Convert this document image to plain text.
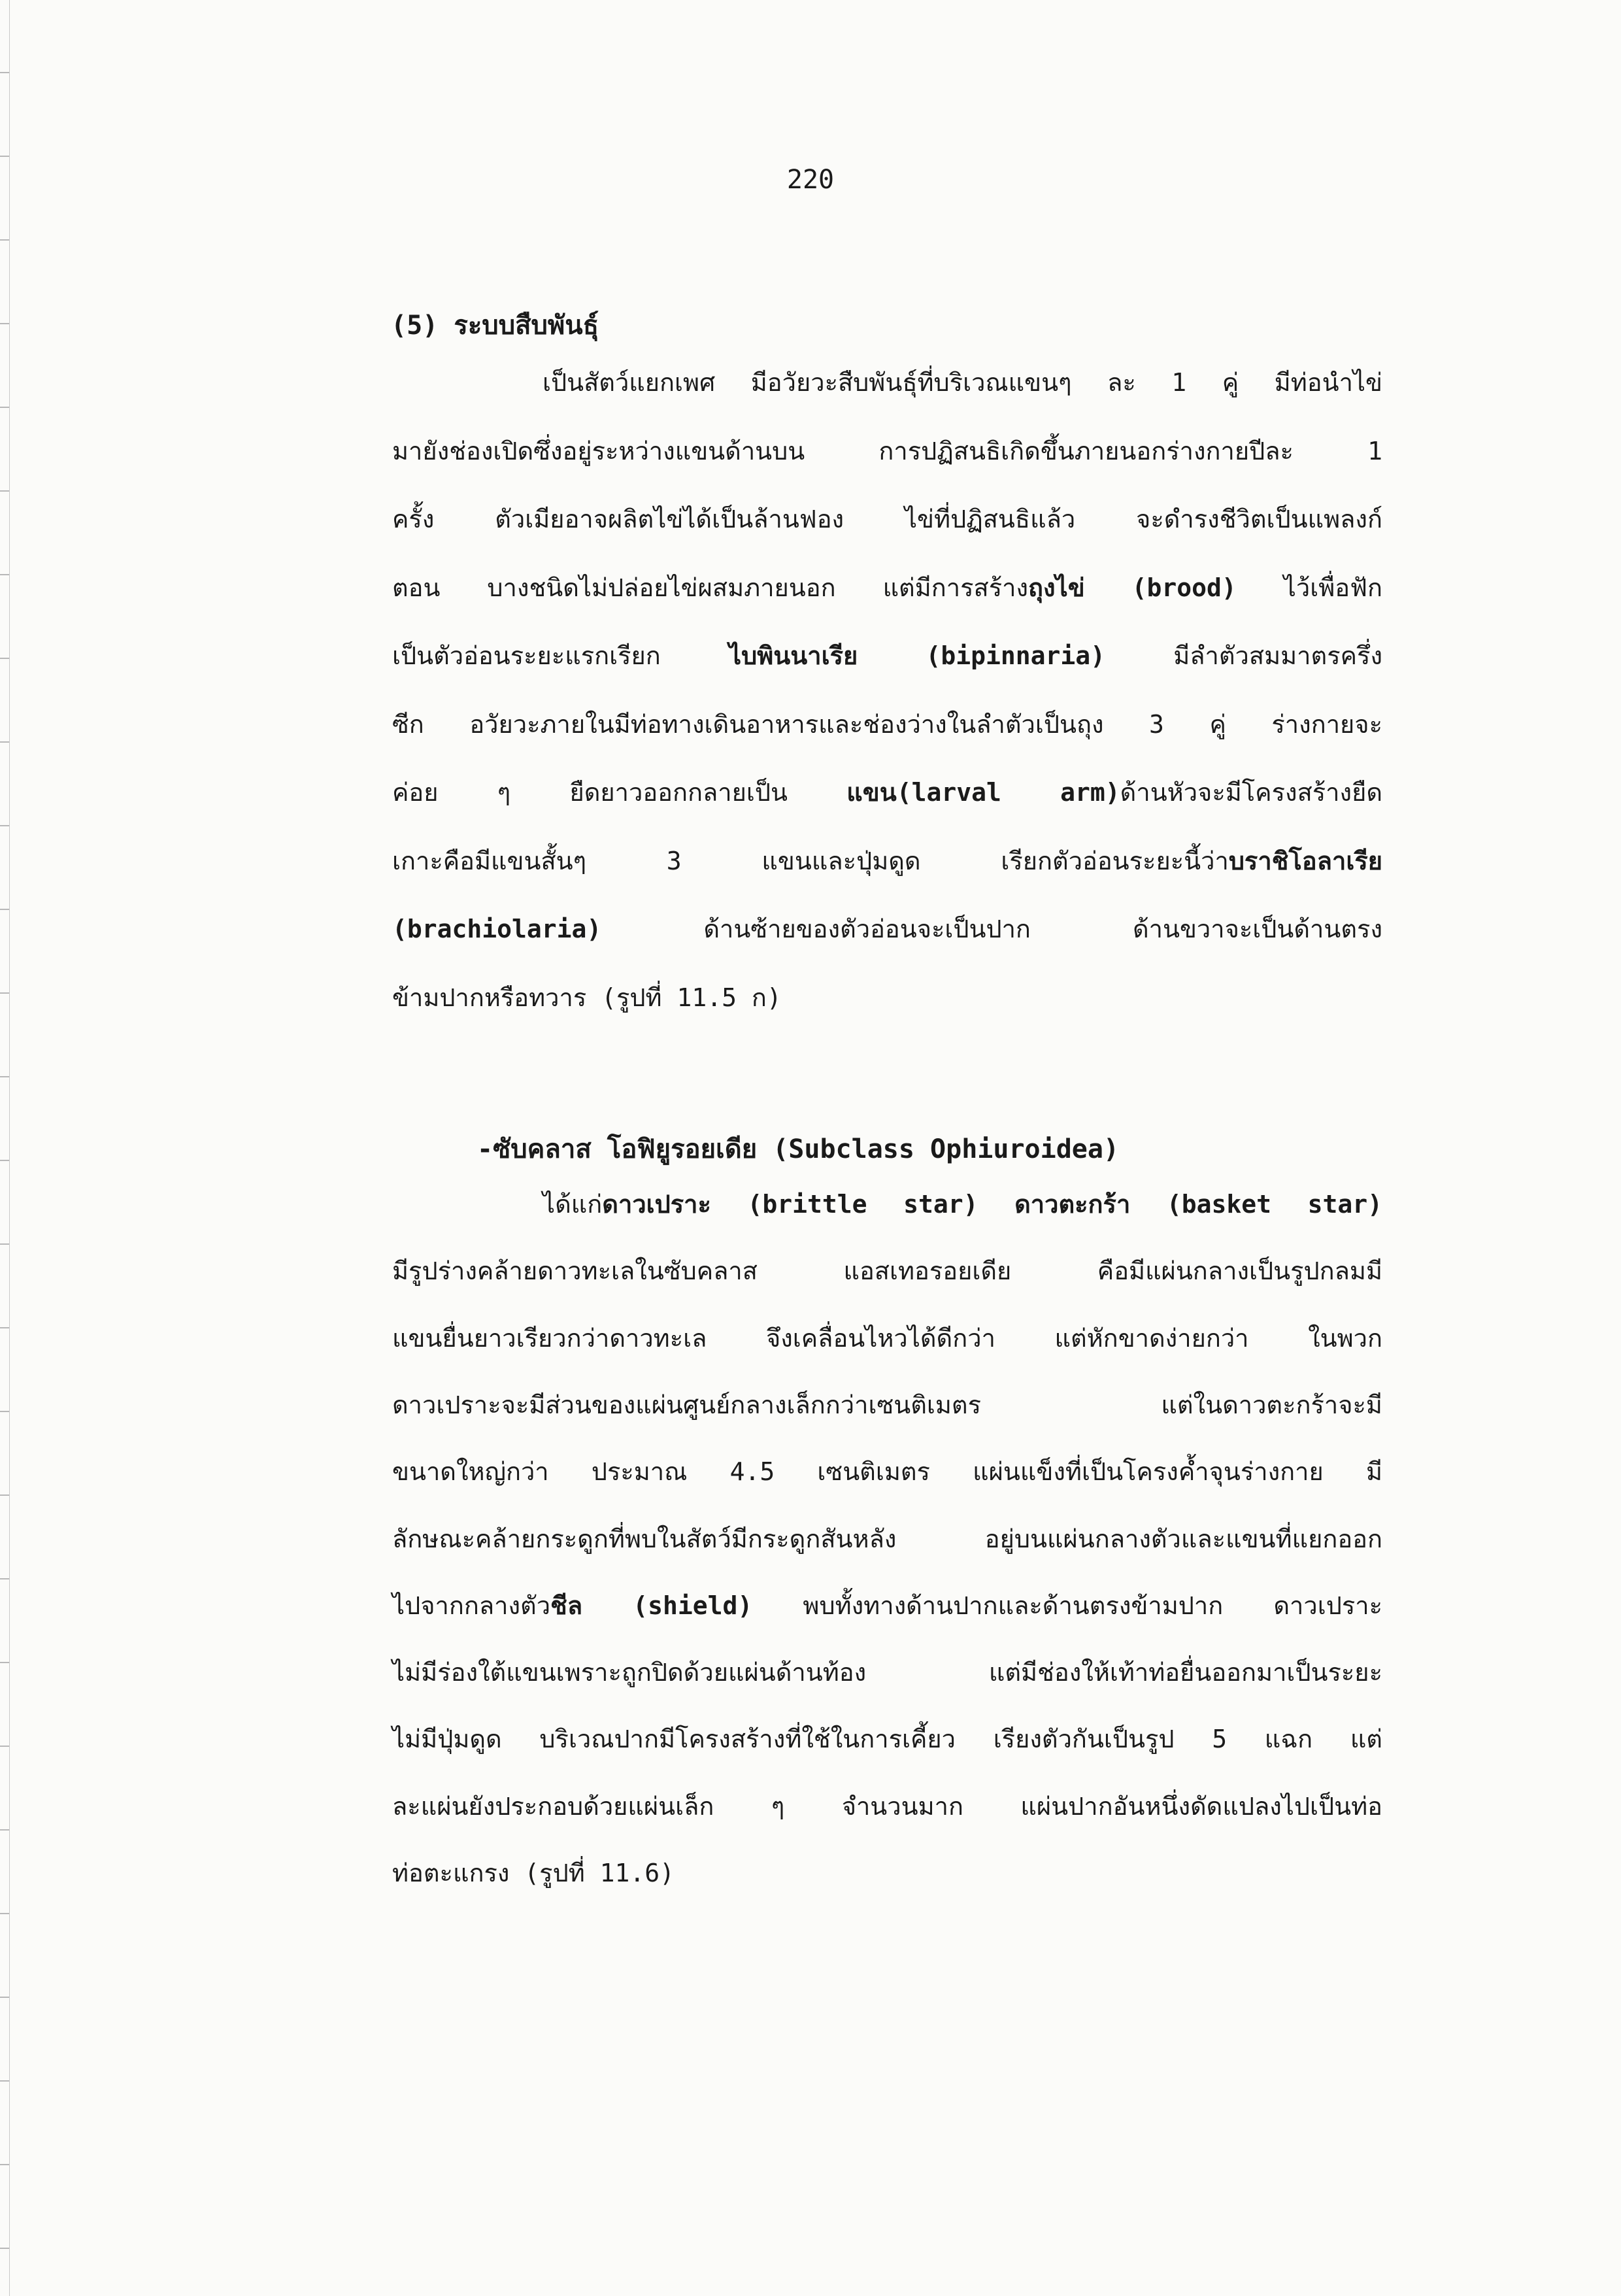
220
(5) ระบบสืบพันธุ์
เป็นสัตว์แยกเพศ มีอวัยวะสืบพันธุ์ที่บริเวณแขนๆ ละ 1 คู่ มีท่อนำไข่
มายังช่องเปิดซึ่งอยู่ระหว่างแขนด้านบน การปฏิสนธิเกิดขึ้นภายนอกร่างกายปีละ 1
ครั้ง ตัวเมียอาจผลิตไข่ได้เป็นล้านฟอง ไข่ที่ปฏิสนธิแล้ว จะดำรงชีวิตเป็นแพลงก์
ตอน บางชนิดไม่ปล่อยไข่ผสมภายนอก แต่มีการสร้างถุงไข่ (brood) ไว้เพื่อฟัก
เป็นตัวอ่อนระยะแรกเรียก ไบพินนาเรีย (bipinnaria) มีลำตัวสมมาตรครึ่ง
ซีก อวัยวะภายในมีท่อทางเดินอาหารและช่องว่างในลำตัวเป็นถุง 3 คู่ ร่างกายจะ
ค่อย ๆ ยืดยาวออกกลายเป็น แขน(larval arm)ด้านหัวจะมีโครงสร้างยืด
เกาะคือมีแขนสั้นๆ 3 แขนและปุ่มดูด เรียกตัวอ่อนระยะนี้ว่าบราชิโอลาเรีย
(brachiolaria) ด้านซ้ายของตัวอ่อนจะเป็นปาก ด้านขวาจะเป็นด้านตรง
ข้ามปากหรือทวาร (รูปที่ 11.5 ก)
-ซับคลาส โอฟิยูรอยเดีย (Subclass Ophiuroidea)
ได้แก่ดาวเปราะ (brittle star) ดาวตะกร้า (basket star)
มีรูปร่างคล้ายดาวทะเลในซับคลาส แอสเทอรอยเดีย คือมีแผ่นกลางเป็นรูปกลมมี
แขนยื่นยาวเรียวกว่าดาวทะเล จึงเคลื่อนไหวได้ดีกว่า แต่หักขาดง่ายกว่า ในพวก
ดาวเปราะจะมีส่วนของแผ่นศูนย์กลางเล็กกว่าเซนติเมตร แต่ในดาวตะกร้าจะมี
ขนาดใหญ่กว่า ประมาณ 4.5 เซนติเมตร แผ่นแข็งที่เป็นโครงค้ำจุนร่างกาย มี
ลักษณะคล้ายกระดูกที่พบในสัตว์มีกระดูกสันหลัง อยู่บนแผ่นกลางตัวและแขนที่แยกออก
ไปจากกลางตัวชีล (shield) พบทั้งทางด้านปากและด้านตรงข้ามปาก ดาวเปราะ
ไม่มีร่องใต้แขนเพราะถูกปิดด้วยแผ่นด้านท้อง แต่มีช่องให้เท้าท่อยื่นออกมาเป็นระยะ
ไม่มีปุ่มดูด บริเวณปากมีโครงสร้างที่ใช้ในการเคี้ยว เรียงตัวกันเป็นรูป 5 แฉก แต่
ละแผ่นยังประกอบด้วยแผ่นเล็ก ๆ จำนวนมาก แผ่นปากอันหนึ่งดัดแปลงไปเป็นท่อ
ท่อตะแกรง (รูปที่ 11.6)
